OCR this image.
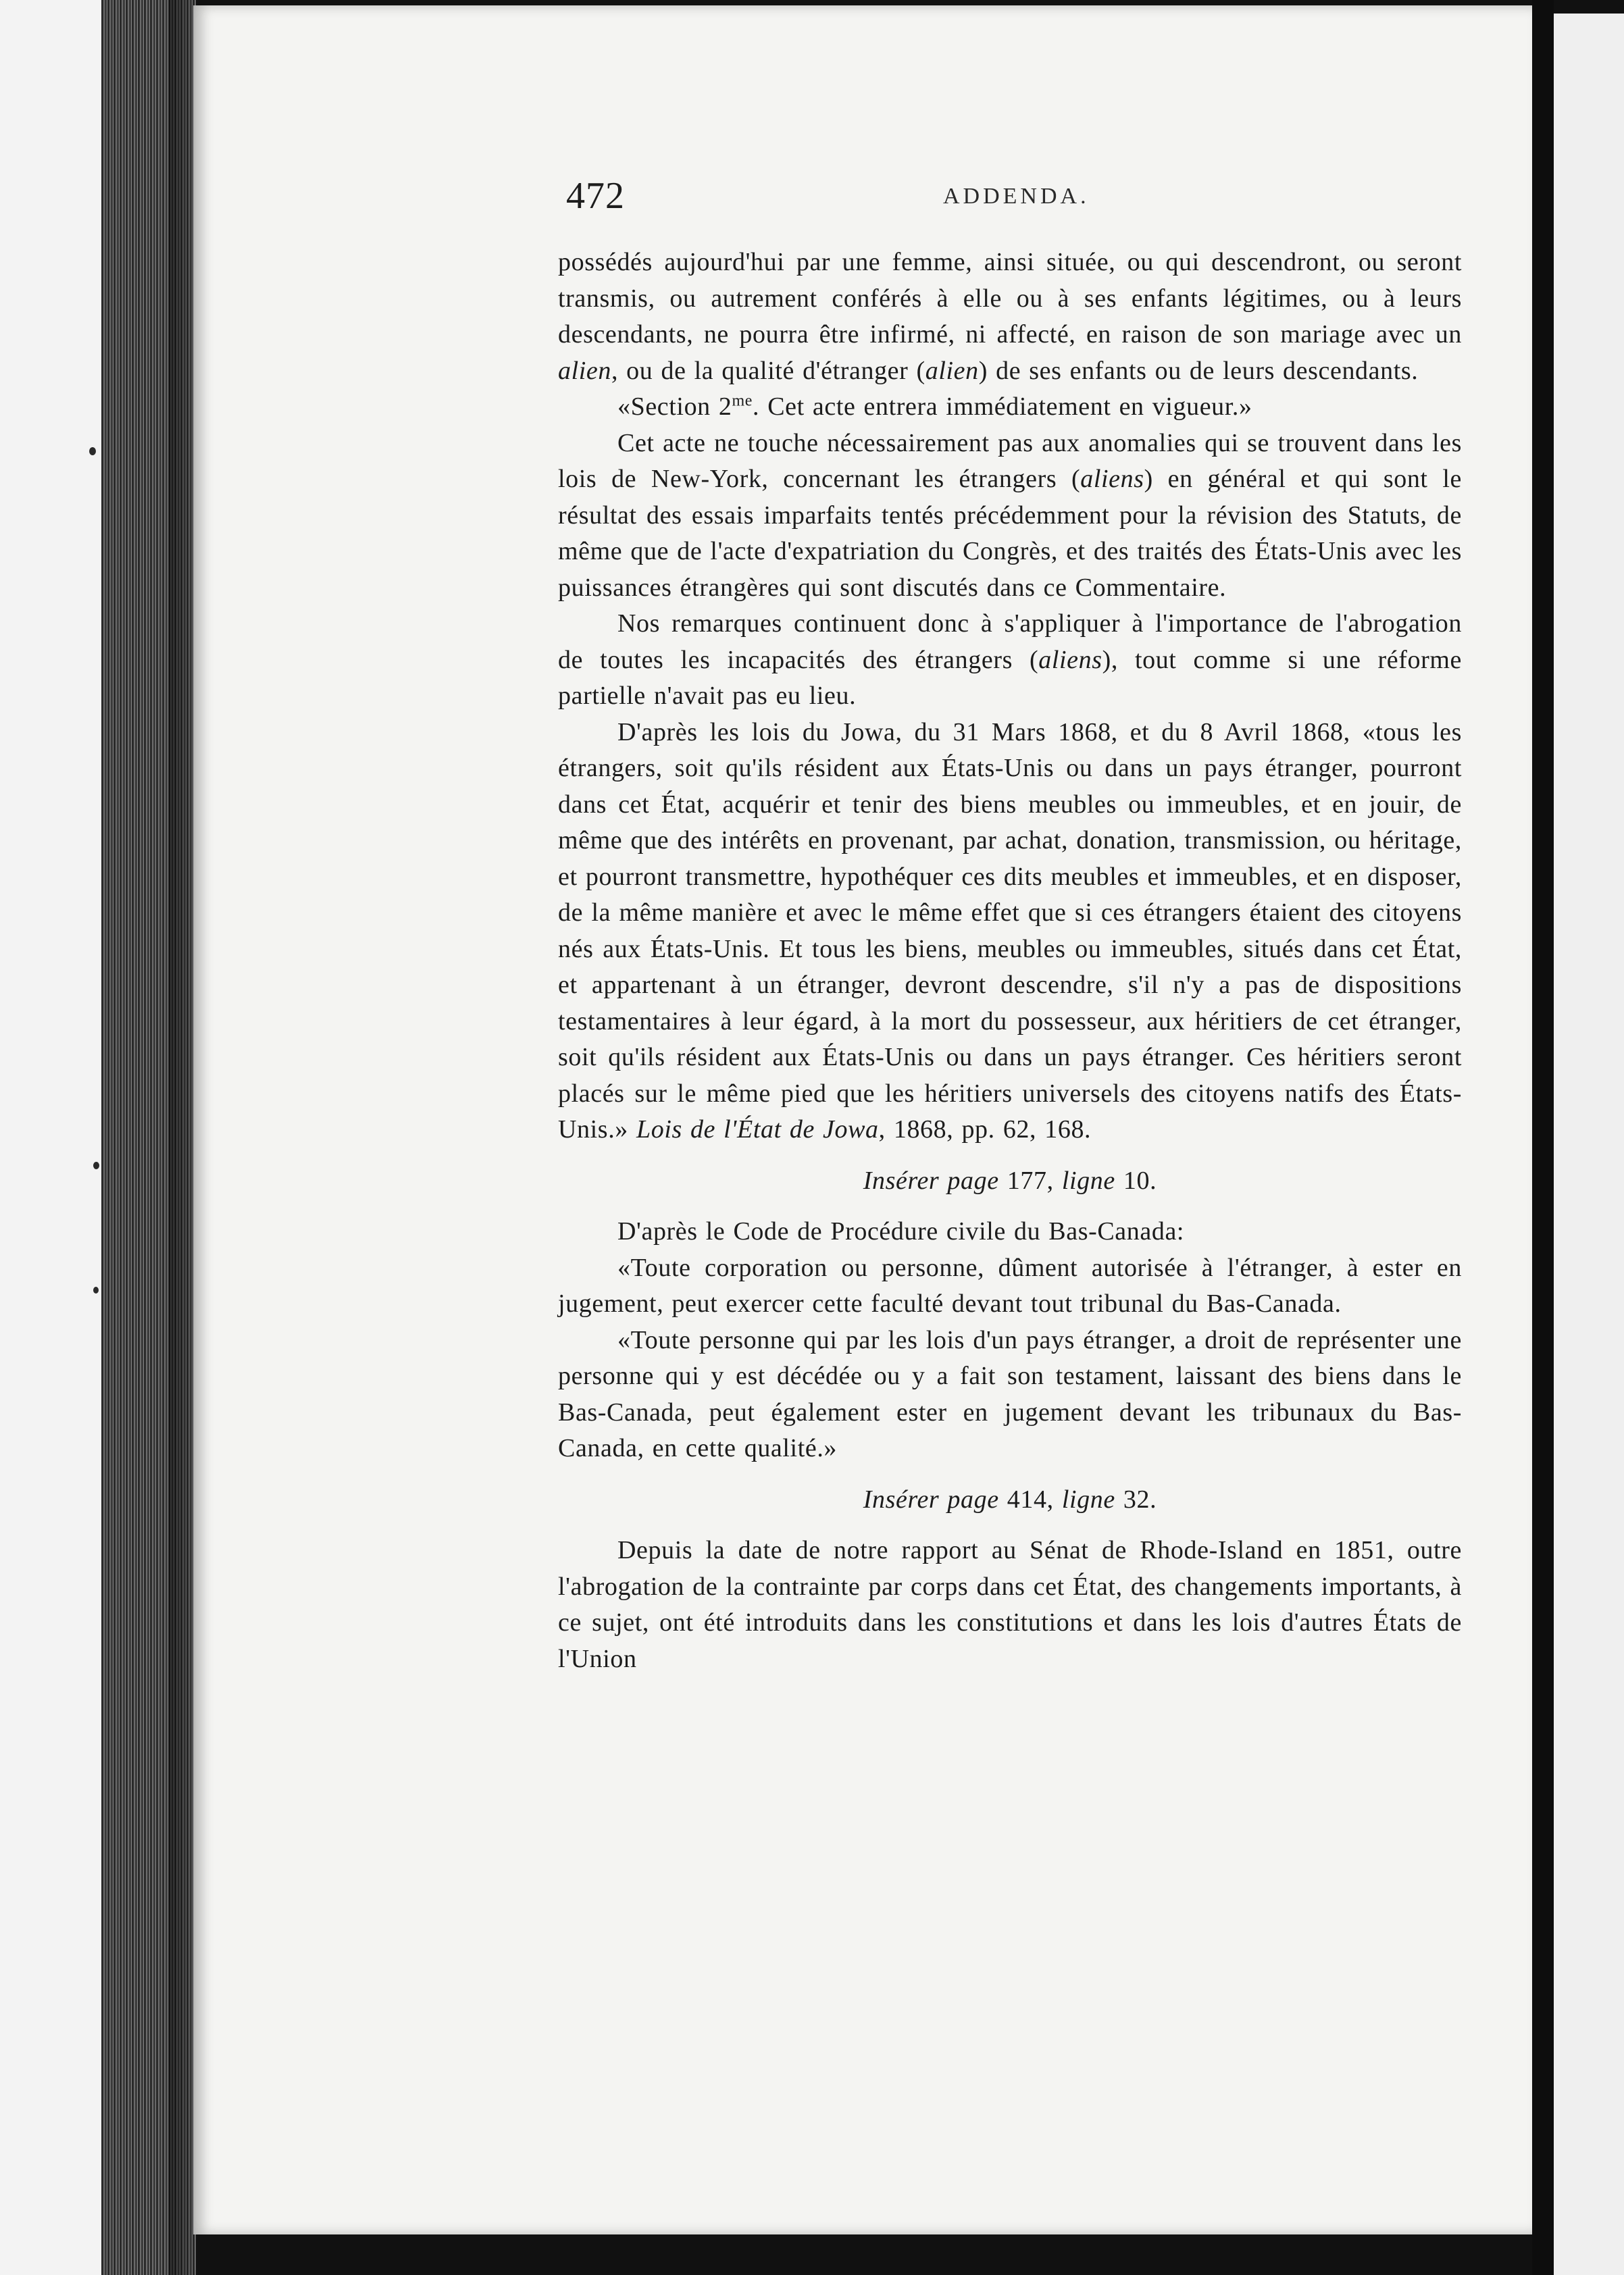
472	ADDENDA.

possédés aujourd'hui par une femme, ainsi située, ou qui descendront, ou seront transmis, ou autrement conférés à elle ou à ses enfants légitimes, ou à leurs descendants, ne pourra être infirmé, ni affecté, en raison de son mariage avec un alien, ou de la qualité d'étranger (alien) de ses enfants ou de leurs descendants.

«Section $2^{me}$. Cet acte entrera immédiatement en vigueur.»

Cet acte ne touche nécessairement pas aux anomalies qui se trouvent dans les lois de New-York, concernant les étrangers (aliens) en général et qui sont le résultat des essais imparfaits tentés précédemment pour la révision des Statuts, de même que de l'acte d'expatriation du Congrès, et des traités des États-Unis avec les puissances étrangères qui sont discutés dans ce Commentaire.

Nos remarques continuent donc à s'appliquer à l'importance de l'abrogation de toutes les incapacités des étrangers (aliens), tout comme si une réforme partielle n'avait pas eu lieu.

D'après les lois du Jowa, du 31 Mars 1868, et du 8 Avril 1868, «tous les étrangers, soit qu'ils résident aux États-Unis ou dans un pays étranger, pourront dans cet État, acquérir et tenir des biens meubles ou immeubles, et en jouir, de même que des intérêts en provenant, par achat, donation, transmission, ou héritage, et pourront transmettre, hypothéquer ces dits meubles et immeubles, et en disposer, de la même manière et avec le même effet que si ces étrangers étaient des citoyens nés aux États-Unis. Et tous les biens, meubles ou immeubles, situés dans cet État, et appartenant à un étranger, devront descendre, s'il n'y a pas de dispositions testamentaires à leur égard, à la mort du possesseur, aux héritiers de cet étranger, soit qu'ils résident aux États-Unis ou dans un pays étranger. Ces héritiers seront placés sur le même pied que les héritiers universels des citoyens natifs des États-Unis.» Lois de l'État de Jowa, 1868, pp. 62, 168.

Insérer page 177, ligne 10.

D'après le Code de Procédure civile du Bas-Canada:

«Toute corporation ou personne, dûment autorisée à l'étranger, à ester en jugement, peut exercer cette faculté devant tout tribunal du Bas-Canada.

«Toute personne qui par les lois d'un pays étranger, a droit de représenter une personne qui y est décédée ou y a fait son testament, laissant des biens dans le Bas-Canada, peut également ester en jugement devant les tribunaux du Bas-Canada, en cette qualité.»

Insérer page 414, ligne 32.

Depuis la date de notre rapport au Sénat de Rhode-Island en 1851, outre l'abrogation de la contrainte par corps dans cet État, des changements importants, à ce sujet, ont été introduits dans les constitutions et dans les lois d'autres États de l'Union
